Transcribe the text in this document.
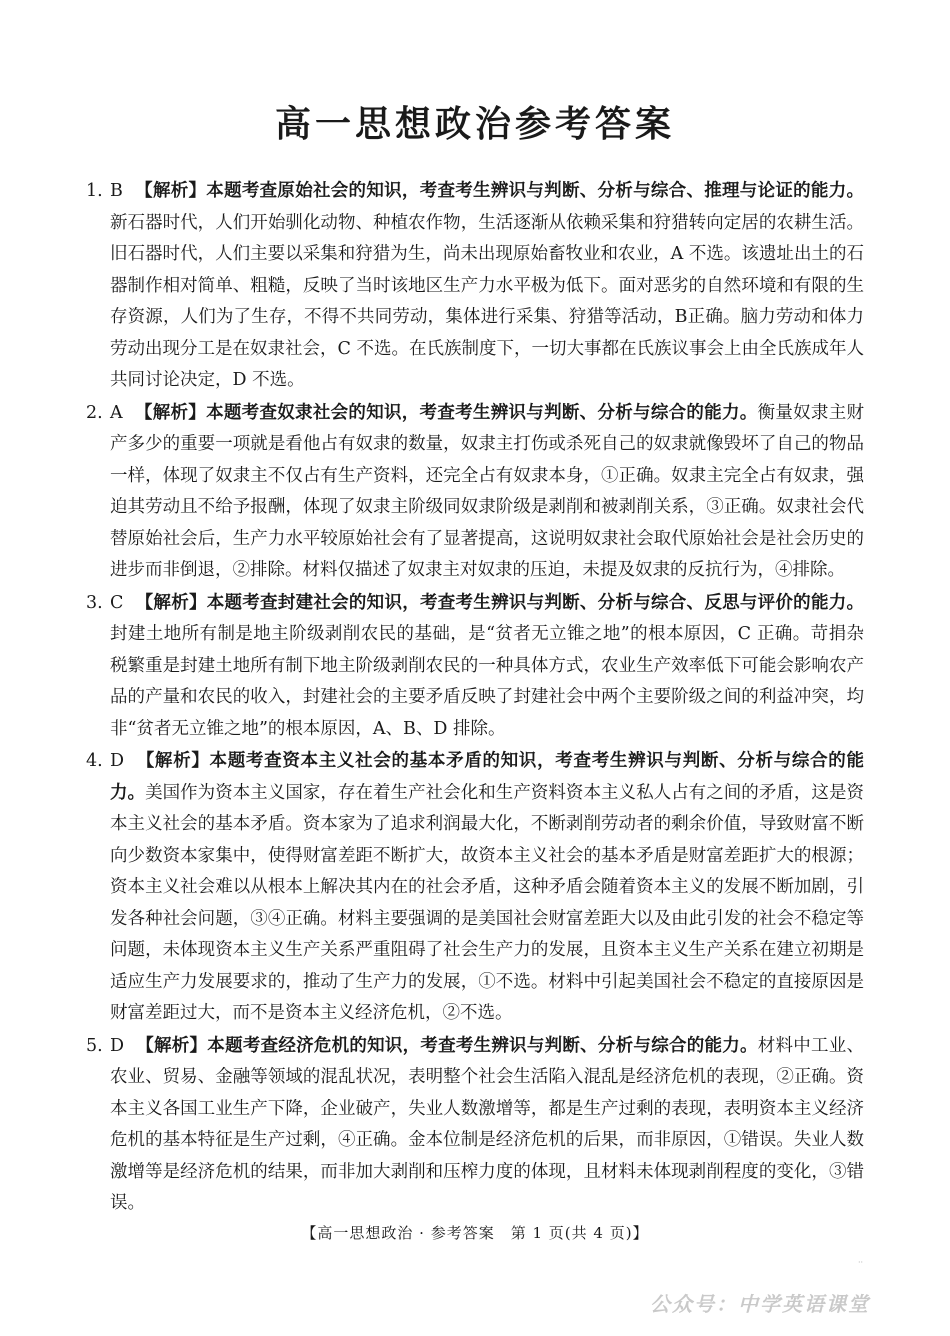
高一思想政治参考答案
1. B 【解析】本题考查原始社会的知识，考查考生辨识与判断、分析与综合、推理与论证的能力。新石器时代，人们开始驯化动物、种植农作物，生活逐渐从依赖采集和狩猎转向定居的农耕生活。旧石器时代，人们主要以采集和狩猎为生，尚未出现原始畜牧业和农业，A 不选。该遗址出土的石器制作相对简单、粗糙，反映了当时该地区生产力水平极为低下。面对恶劣的自然环境和有限的生存资源，人们为了生存，不得不共同劳动，集体进行采集、狩猎等活动，B正确。脑力劳动和体力劳动出现分工是在奴隶社会，C 不选。在氏族制度下，一切大事都在氏族议事会上由全氏族成年人共同讨论决定，D 不选。
2. A 【解析】本题考查奴隶社会的知识，考查考生辨识与判断、分析与综合的能力。衡量奴隶主财产多少的重要一项就是看他占有奴隶的数量，奴隶主打伤或杀死自己的奴隶就像毁坏了自己的物品一样，体现了奴隶主不仅占有生产资料，还完全占有奴隶本身，①正确。奴隶主完全占有奴隶，强迫其劳动且不给予报酬，体现了奴隶主阶级同奴隶阶级是剥削和被剥削关系，③正确。奴隶社会代替原始社会后，生产力水平较原始社会有了显著提高，这说明奴隶社会取代原始社会是社会历史的进步而非倒退，②排除。材料仅描述了奴隶主对奴隶的压迫，未提及奴隶的反抗行为，④排除。
3. C 【解析】本题考查封建社会的知识，考查考生辨识与判断、分析与综合、反思与评价的能力。封建土地所有制是地主阶级剥削农民的基础，是“贫者无立锥之地”的根本原因，C 正确。苛捐杂税繁重是封建土地所有制下地主阶级剥削农民的一种具体方式，农业生产效率低下可能会影响农产品的产量和农民的收入，封建社会的主要矛盾反映了封建社会中两个主要阶级之间的利益冲突，均非“贫者无立锥之地”的根本原因，A、B、D 排除。
4. D 【解析】本题考查资本主义社会的基本矛盾的知识，考查考生辨识与判断、分析与综合的能力。美国作为资本主义国家，存在着生产社会化和生产资料资本主义私人占有之间的矛盾，这是资本主义社会的基本矛盾。资本家为了追求利润最大化，不断剥削劳动者的剩余价值，导致财富不断向少数资本家集中，使得财富差距不断扩大，故资本主义社会的基本矛盾是财富差距扩大的根源；资本主义社会难以从根本上解决其内在的社会矛盾，这种矛盾会随着资本主义的发展不断加剧，引发各种社会问题，③④正确。材料主要强调的是美国社会财富差距大以及由此引发的社会不稳定等问题，未体现资本主义生产关系严重阻碍了社会生产力的发展，且资本主义生产关系在建立初期是适应生产力发展要求的，推动了生产力的发展，①不选。材料中引起美国社会不稳定的直接原因是财富差距过大，而不是资本主义经济危机，②不选。
5. D 【解析】本题考查经济危机的知识，考查考生辨识与判断、分析与综合的能力。材料中工业、农业、贸易、金融等领域的混乱状况，表明整个社会生活陷入混乱是经济危机的表现，②正确。资本主义各国工业生产下降，企业破产，失业人数激增等，都是生产过剩的表现，表明资本主义经济危机的基本特征是生产过剩，④正确。金本位制是经济危机的后果，而非原因，①错误。失业人数激增等是经济危机的结果，而非加大剥削和压榨力度的体现，且材料未体现剥削程度的变化，③错误。
【高一思想政治 · 参考答案　第 1 页(共 4 页)】
··
公众号：中学英语课堂
